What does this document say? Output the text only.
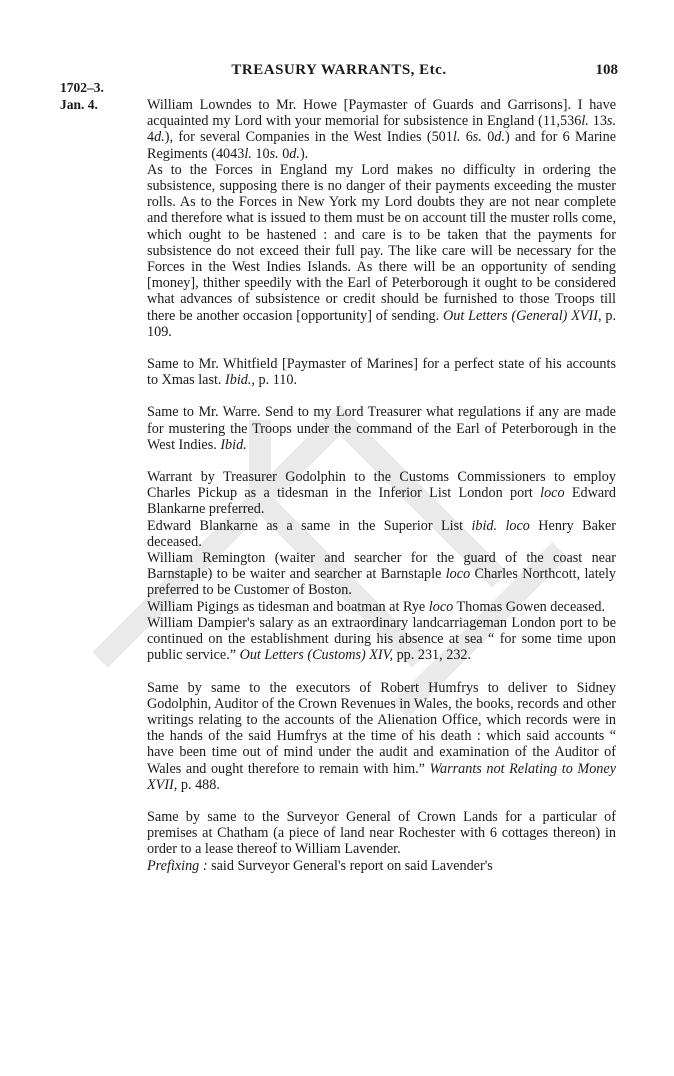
TREASURY WARRANTS, Etc.	108
1702–3.
Jan. 4.	William Lowndes to Mr. Howe [Paymaster of Guards and Garrisons]. I have acquainted my Lord with your memorial for subsistence in England (11,536l. 13s. 4d.), for several Companies in the West Indies (501l. 6s. 0d.) and for 6 Marine Regiments (4043l. 10s. 0d.).

As to the Forces in England my Lord makes no difficulty in ordering the subsistence, supposing there is no danger of their payments exceeding the muster rolls. As to the Forces in New York my Lord doubts they are not near complete and therefore what is issued to them must be on account till the muster rolls come, which ought to be hastened : and care is to be taken that the payments for subsistence do not exceed their full pay. The like care will be necessary for the Forces in the West Indies Islands. As there will be an opportunity of sending [money], thither speedily with the Earl of Peterborough it ought to be considered what advances of subsistence or credit should be furnished to those Troops till there be another occasion [opportunity] of sending. Out Letters (General) XVII, p. 109.

Same to Mr. Whitfield [Paymaster of Marines] for a perfect state of his accounts to Xmas last. Ibid., p. 110.

Same to Mr. Warre. Send to my Lord Treasurer what regulations if any are made for mustering the Troops under the command of the Earl of Peterborough in the West Indies. Ibid.

Warrant by Treasurer Godolphin to the Customs Commissioners to employ Charles Pickup as a tidesman in the Inferior List London port loco Edward Blankarne preferred.

Edward Blankarne as a same in the Superior List ibid. loco Henry Baker deceased.

William Remington (waiter and searcher for the guard of the coast near Barnstaple) to be waiter and searcher at Barnstaple loco Charles Northcott, lately preferred to be Customer of Boston.

William Pigings as tidesman and boatman at Rye loco Thomas Gowen deceased.

William Dampier's salary as an extraordinary landcarriageman London port to be continued on the establishment during his absence at sea “ for some time upon public service.” Out Letters (Customs) XIV, pp. 231, 232.

Same by same to the executors of Robert Humfrys to deliver to Sidney Godolphin, Auditor of the Crown Revenues in Wales, the books, records and other writings relating to the accounts of the Alienation Office, which records were in the hands of the said Humfrys at the time of his death : which said accounts “ have been time out of mind under the audit and examination of the Auditor of Wales and ought therefore to remain with him.” Warrants not Relating to Money XVII, p. 488.

Same by same to the Surveyor General of Crown Lands for a particular of premises at Chatham (a piece of land near Rochester with 6 cottages thereon) in order to a lease thereof to William Lavender.

Prefixing : said Surveyor General's report on said Lavender's
